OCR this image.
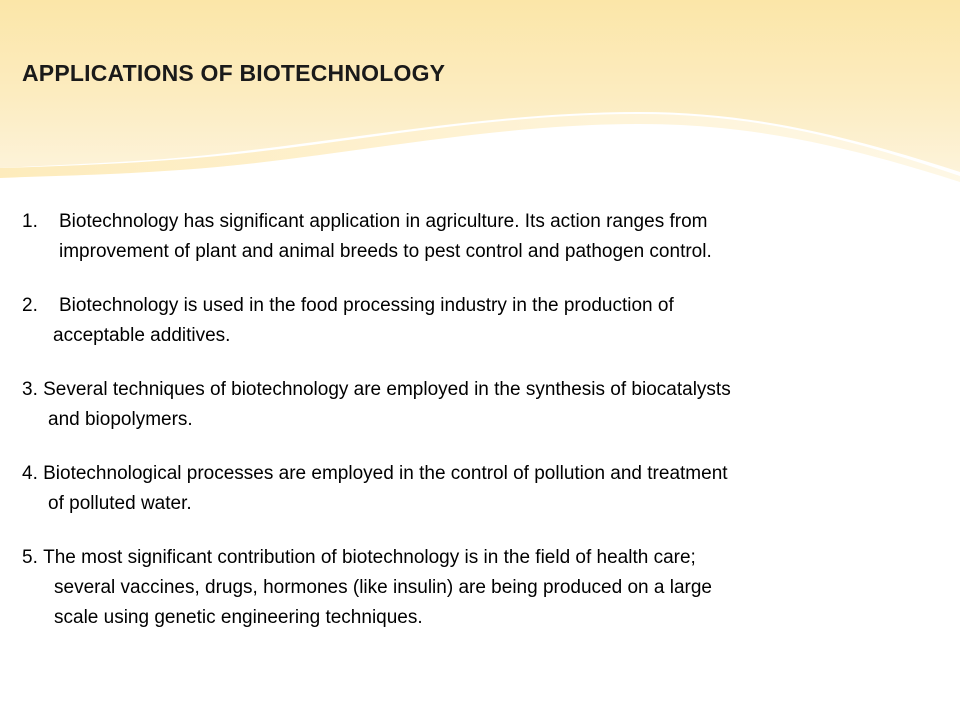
APPLICATIONS OF BIOTECHNOLOGY

1.	Biotechnology has significant application in agriculture. Its action ranges from

improvement of plant and animal breeds to pest control and pathogen control.

2.	Biotechnology is used in the food processing industry in the production of

acceptable additives.

3. Several techniques of biotechnology are employed in the synthesis of biocatalysts

and biopolymers.

4. Biotechnological processes are employed in the control of pollution and treatment

of polluted water.

5. The most significant contribution of biotechnology is in the field of health care;

several vaccines, drugs, hormones (like insulin) are being produced on a large

scale using genetic engineering techniques.
